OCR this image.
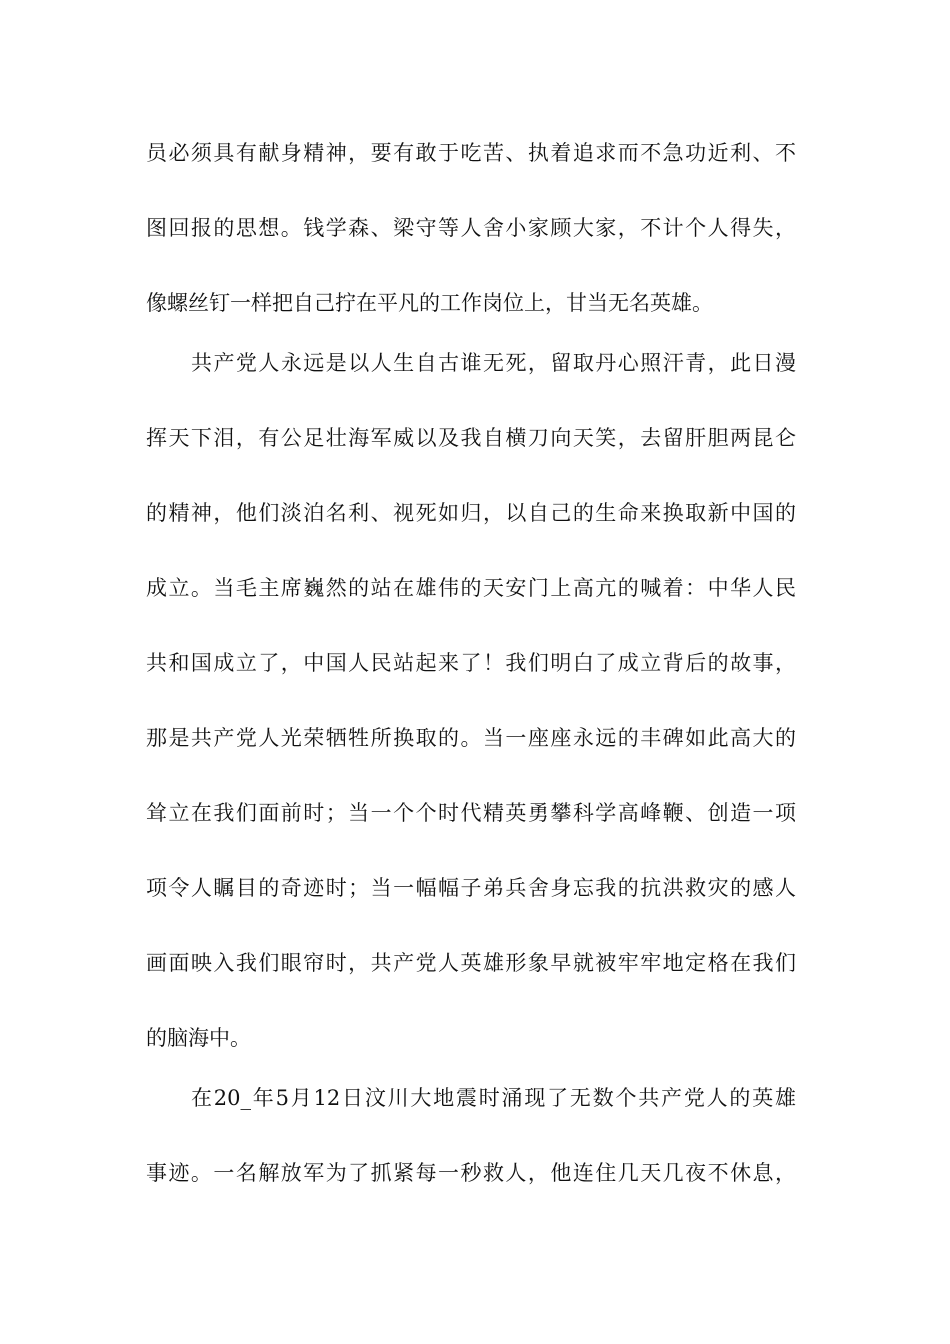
员必须具有献身精神，要有敢于吃苦、执着追求而不急功近利、不
图回报的思想。钱学森、梁守等人舍小家顾大家，不计个人得失，
像螺丝钉一样把自己拧在平凡的工作岗位上，甘当无名英雄。
共产党人永远是以人生自古谁无死，留取丹心照汗青，此日漫
挥天下泪，有公足壮海军威以及我自横刀向天笑，去留肝胆两昆仑
的精神，他们淡泊名利、视死如归，以自己的生命来换取新中国的
成立。当毛主席巍然的站在雄伟的天安门上高亢的喊着：中华人民
共和国成立了，中国人民站起来了！我们明白了成立背后的故事，
那是共产党人光荣牺牲所换取的。当一座座永远的丰碑如此高大的
耸立在我们面前时；当一个个时代精英勇攀科学高峰鞭、创造一项
项令人瞩目的奇迹时；当一幅幅子弟兵舍身忘我的抗洪救灾的感人
画面映入我们眼帘时，共产党人英雄形象早就被牢牢地定格在我们
的脑海中。
在20_年5月12日汶川大地震时涌现了无数个共产党人的英雄
事迹。一名解放军为了抓紧每一秒救人，他连住几天几夜不休息，
